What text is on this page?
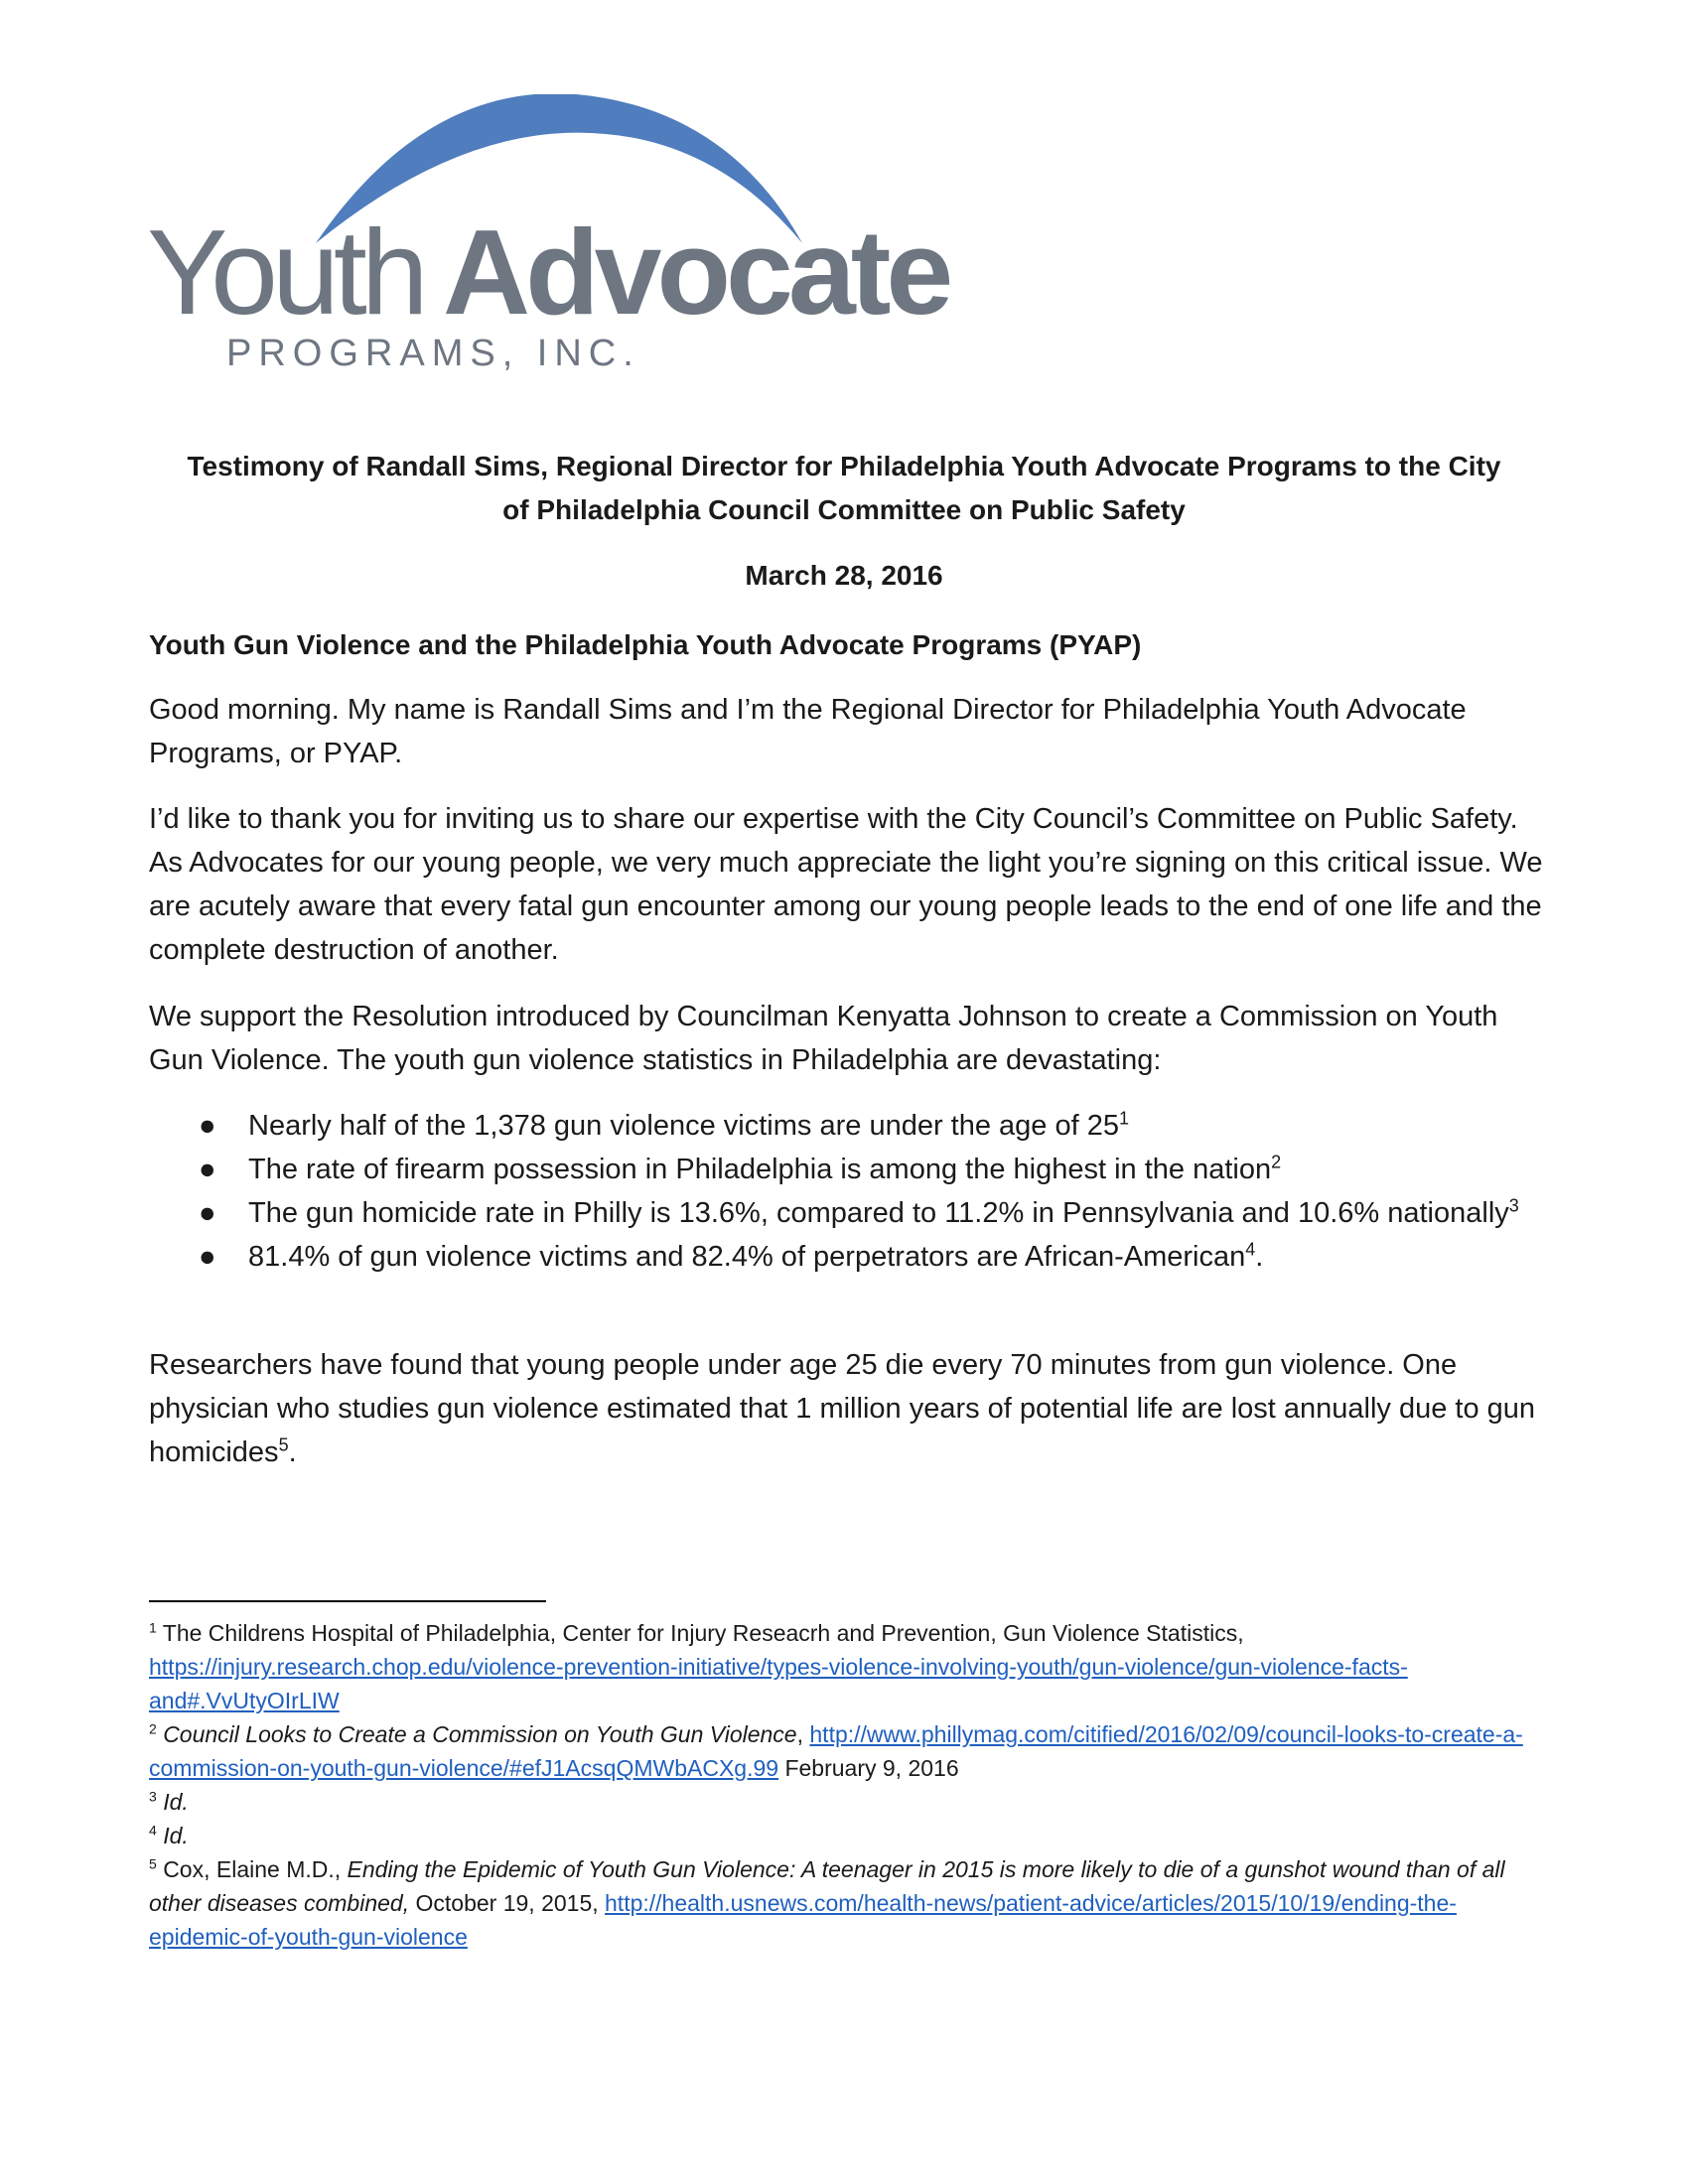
Youth Advocate
PROGRAMS, INC.
Testimony of Randall Sims, Regional Director for Philadelphia Youth Advocate Programs to the City
of Philadelphia Council Committee on Public Safety
March 28, 2016
Youth Gun Violence and the Philadelphia Youth Advocate Programs (PYAP)

Good morning. My name is Randall Sims and I’m the Regional Director for Philadelphia Youth Advocate Programs, or PYAP.

I’d like to thank you for inviting us to share our expertise with the City Council’s Committee on Public Safety. As Advocates for our young people, we very much appreciate the light you’re signing on this critical issue. We are acutely aware that every fatal gun encounter among our young people leads to the end of one life and the complete destruction of another.

We support the Resolution introduced by Councilman Kenyatta Johnson to create a Commission on Youth Gun Violence. The youth gun violence statistics in Philadelphia are devastating:

● Nearly half of the 1,378 gun violence victims are under the age of $25^1$
● The rate of firearm possession in Philadelphia is among the highest in the nation$^2$
● The gun homicide rate in Philly is 13.6%, compared to 11.2% in Pennsylvania and 10.6% nationally$^3$
● 81.4% of gun violence victims and 82.4% of perpetrators are African-American$^4$.

Researchers have found that young people under age 25 die every 70 minutes from gun violence. One physician who studies gun violence estimated that 1 million years of potential life are lost annually due to gun homicides$^5$.

$^1$ The Childrens Hospital of Philadelphia, Center for Injury Reseacrh and Prevention, Gun Violence Statistics, https://injury.research.chop.edu/violence-prevention-initiative/types-violence-involving-youth/gun-violence/gun-violence-facts-and#.VvUtyOIrLIW

$^2$ Council Looks to Create a Commission on Youth Gun Violence, http://www.phillymag.com/citified/2016/02/09/council-looks-to-create-a-commission-on-youth-gun-violence/#efJ1AcsqQMWbACXg.99 February 9, 2016

$^3$ Id.

$^4$ Id.

$^5$ Cox, Elaine M.D., Ending the Epidemic of Youth Gun Violence: A teenager in 2015 is more likely to die of a gunshot wound than of all other diseases combined, October 19, 2015, http://health.usnews.com/health-news/patient-advice/articles/2015/10/19/ending-the-epidemic-of-youth-gun-violence
